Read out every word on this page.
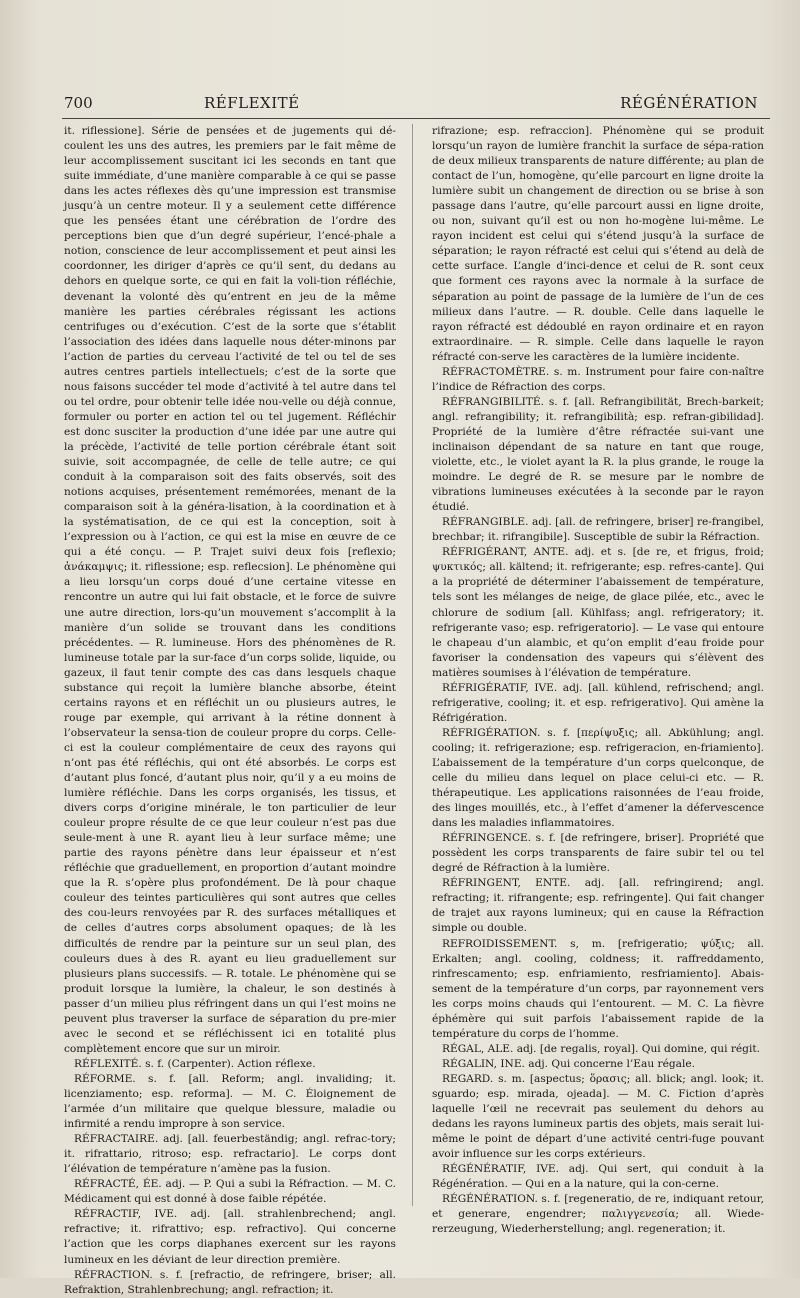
700	RÉFLEXITÉ	RÉGÉNÉRATION

it. riflessione]. Série de pensées et de jugements qui dé-coulent les uns des autres, les premiers par le fait même de leur accomplissement suscitant ici les seconds en tant que suite immédiate, d’une manière comparable à ce qui se passe dans les actes réflexes dès qu’une impression est transmise jusqu’à un centre moteur. Il y a seulement cette différence que les pensées étant une cérébration de l’ordre des perceptions bien que d’un degré supérieur, l’encé-phale a notion, conscience de leur accomplissement et peut ainsi les coordonner, les diriger d’après ce qu’il sent, du dedans au dehors en quelque sorte, ce qui en fait la voli-tion réfléchie, devenant la volonté dès qu’entrent en jeu de la même manière les parties cérébrales régissant les actions centrifuges ou d’exécution. C’est de la sorte que s’établit l’association des idées dans laquelle nous déter-minons par l’action de parties du cerveau l’activité de tel ou tel de ses autres centres partiels intellectuels; c’est de la sorte que nous faisons succéder tel mode d’activité à tel autre dans tel ou tel ordre, pour obtenir telle idée nou-velle ou déjà connue, formuler ou porter en action tel ou tel jugement. Réfléchir est donc susciter la production d’une idée par une autre qui la précède, l’activité de telle portion cérébrale étant soit suivie, soit accompagnée, de celle de telle autre; ce qui conduit à la comparaison soit des faits observés, soit des notions acquises, présentement remémorées, menant de la comparaison soit à la généra-lisation, à la coordination et à la systématisation, de ce qui est la conception, soit à l’expression ou à l’action, ce qui est la mise en œuvre de ce qui a été conçu. — P. Trajet suivi deux fois [reflexio; ἀνάκαμψις; it. riflessione; esp. reflecsion]. Le phénomène qui a lieu lorsqu’un corps doué d’une certaine vitesse en rencontre un autre qui lui fait obstacle, et le force de suivre une autre direction, lors-qu’un mouvement s’accomplit à la manière d’un solide se trouvant dans les conditions précédentes. — R. lumineuse. Hors des phénomènes de R. lumineuse totale par la sur-face d’un corps solide, liquide, ou gazeux, il faut tenir compte des cas dans lesquels chaque substance qui reçoit la lumière blanche absorbe, éteint certains rayons et en réfléchit un ou plusieurs autres, le rouge par exemple, qui arrivant à la rétine donnent à l’observateur la sensa-tion de couleur propre du corps. Celle-ci est la couleur complémentaire de ceux des rayons qui n’ont pas été réfléchis, qui ont été absorbés. Le corps est d’autant plus foncé, d’autant plus noir, qu’il y a eu moins de lumière réfléchie. Dans les corps organisés, les tissus, et divers corps d’origine minérale, le ton particulier de leur couleur propre résulte de ce que leur couleur n’est pas due seule-ment à une R. ayant lieu à leur surface même; une partie des rayons pénètre dans leur épaisseur et n’est réfléchie que graduellement, en proportion d’autant moindre que la R. s’opère plus profondément. De là pour chaque couleur des teintes particulières qui sont autres que celles des cou-leurs renvoyées par R. des surfaces métalliques et de celles d’autres corps absolument opaques; de là les difficultés de rendre par la peinture sur un seul plan, des couleurs dues à des R. ayant eu lieu graduellement sur plusieurs plans successifs. — R. totale. Le phénomène qui se produit lorsque la lumière, la chaleur, le son destinés à passer d’un milieu plus réfringent dans un qui l’est moins ne peuvent plus traverser la surface de séparation du pre-mier avec le second et se réfléchissent ici en totalité plus complètement encore que sur un miroir.

RÉFLEXITÉ. s. f. (Carpenter). Action réflexe.

RÉFORME. s. f. [all. Reform; angl. invaliding; it. licenziamento; esp. reforma]. — M. C. Éloignement de l’armée d’un militaire que quelque blessure, maladie ou infirmité a rendu impropre à son service.

RÉFRACTAIRE. adj. [all. feuerbeständig; angl. refrac-tory; it. rifrattario, ritroso; esp. refractario]. Le corps dont l’élévation de température n’amène pas la fusion.

RÉFRACTÉ, ÉE. adj. — P. Qui a subi la Réfraction. — M. C. Médicament qui est donné à dose faible répétée.

RÉFRACTIF, IVE. adj. [all. strahlenbrechend; angl. refractive; it. rifrattivo; esp. refractivo]. Qui concerne l’action que les corps diaphanes exercent sur les rayons lumineux en les déviant de leur direction première.

RÉFRACTION. s. f. [refractio, de refringere, briser; all. Refraktion, Strahlenbrechung; angl. refraction; it.

rifrazione; esp. refraccion]. Phénomène qui se produit lorsqu’un rayon de lumière franchit la surface de sépa-ration de deux milieux transparents de nature différente; au plan de contact de l’un, homogène, qu’elle parcourt en ligne droite la lumière subit un changement de direction ou se brise à son passage dans l’autre, qu’elle parcourt aussi en ligne droite, ou non, suivant qu’il est ou non ho-mogène lui-même. Le rayon incident est celui qui s’étend jusqu’à la surface de séparation; le rayon réfracté est celui qui s’étend au delà de cette surface. L’angle d’inci-dence et celui de R. sont ceux que forment ces rayons avec la normale à la surface de séparation au point de passage de la lumière de l’un de ces milieux dans l’autre. — R. double. Celle dans laquelle le rayon réfracté est dédoublé en rayon ordinaire et en rayon extraordinaire. — R. simple. Celle dans laquelle le rayon réfracté con-serve les caractères de la lumière incidente.

RÉFRACTOMÈTRE. s. m. Instrument pour faire con-naître l’indice de Réfraction des corps.

RÉFRANGIBILITÉ. s. f. [all. Refrangibilität, Brech-barkeit; angl. refrangibility; it. refrangibilità; esp. refran-gibilidad]. Propriété de la lumière d’être réfractée sui-vant une inclinaison dépendant de sa nature en tant que rouge, violette, etc., le violet ayant la R. la plus grande, le rouge la moindre. Le degré de R. se mesure par le nombre de vibrations lumineuses exécutées à la seconde par le rayon étudié.

RÉFRANGIBLE. adj. [all. de refringere, briser] re-frangibel, brechbar; it. rifrangibile]. Susceptible de subir la Réfraction.

RÉFRIGÉRANT, ANTE. adj. et s. [de re, et frigus, froid; ψυκτικός; all. kältend; it. refrigerante; esp. refres-cante]. Qui a la propriété de déterminer l’abaissement de température, tels sont les mélanges de neige, de glace pilée, etc., avec le chlorure de sodium [all. Kühlfass; angl. refrigeratory; it. refrigerante vaso; esp. refrigeratorio]. — Le vase qui entoure le chapeau d’un alambic, et qu’on emplit d’eau froide pour favoriser la condensation des vapeurs qui s’élèvent des matières soumises à l’élévation de température.

RÉFRIGÉRATIF, IVE. adj. [all. kühlend, refrischend; angl. refrigerative, cooling; it. et esp. refrigerativo]. Qui amène la Réfrigération.

RÉFRIGÉRATION. s. f. [περίψυξις; all. Abkühlung; angl. cooling; it. refrigerazione; esp. refrigeracion, en-friamiento]. L’abaissement de la température d’un corps quelconque, de celle du milieu dans lequel on place celui-ci etc. — R. thérapeutique. Les applications raisonnées de l’eau froide, des linges mouillés, etc., à l’effet d’amener la défervescence dans les maladies inflammatoires.

RÉFRINGENCE. s. f. [de refringere, briser]. Propriété que possèdent les corps transparents de faire subir tel ou tel degré de Réfraction à la lumière.

RÉFRINGENT, ENTE. adj. [all. refringirend; angl. refracting; it. rifrangente; esp. refringente]. Qui fait changer de trajet aux rayons lumineux; qui en cause la Réfraction simple ou double.

REFROIDISSEMENT. s, m. [refrigeratio; ψύξις; all. Erkalten; angl. cooling, coldness; it. raffreddamento, rinfrescamento; esp. enfriamiento, resfriamiento]. Abais-sement de la température d’un corps, par rayonnement vers les corps moins chauds qui l’entourent. — M. C. La fièvre éphémère qui suit parfois l’abaissement rapide de la température du corps de l’homme.

RÉGAL, ALE. adj. [de regalis, royal]. Qui domine, qui régit.

RÉGALIN, INE. adj. Qui concerne l’Eau régale.

REGARD. s. m. [aspectus; ὅρασις; all. blick; angl. look; it. sguardo; esp. mirada, ojeada]. — M. C. Fiction d’après laquelle l’œil ne recevrait pas seulement du dehors au dedans les rayons lumineux partis des objets, mais serait lui-même le point de départ d’une activité centri-fuge pouvant avoir influence sur les corps extérieurs.

RÉGÉNÉRATIF, IVE. adj. Qui sert, qui conduit à la Régénération. — Qui en a la nature, qui la con-cerne.

RÉGÉNÉRATION. s. f. [regeneratio, de re, indiquant retour, et generare, engendrer; παλιγγενεσία; all. Wiede-rerzeugung, Wiederherstellung; angl. regeneration; it.
